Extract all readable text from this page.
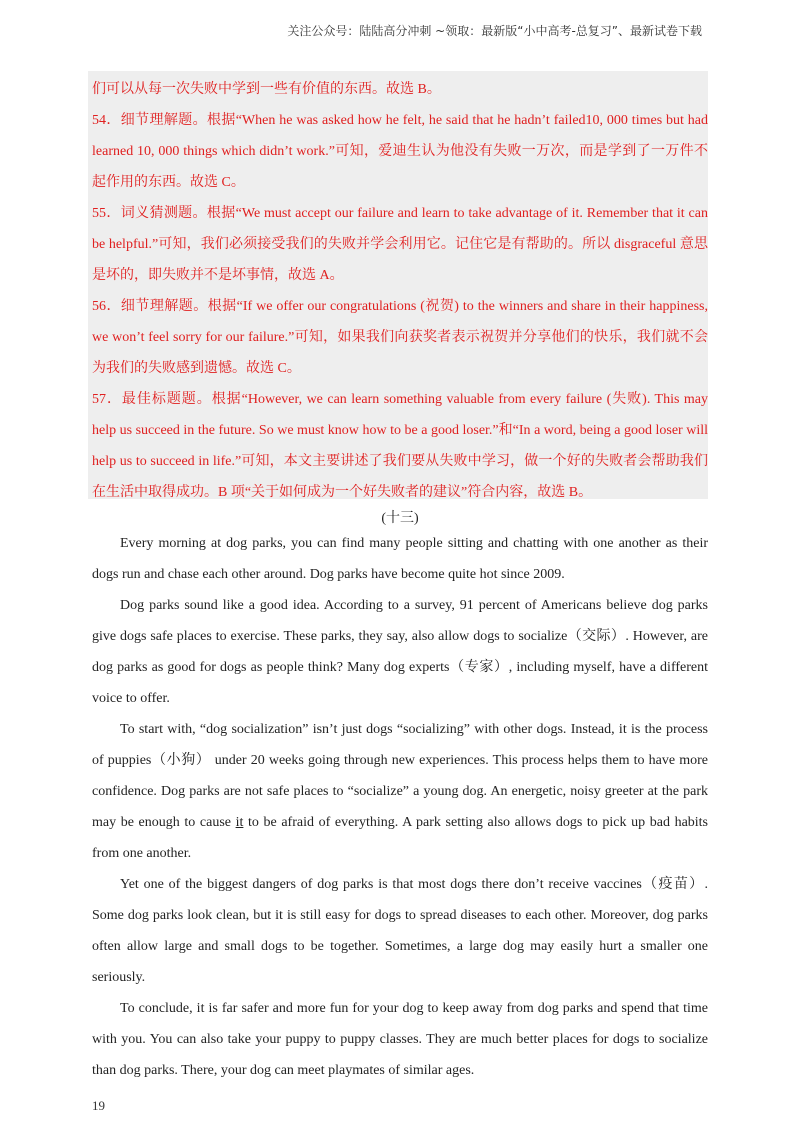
关注公众号：陆陆高分冲刺 ~领取：最新版“小中高考-总复习”、最新试卷下载

们可以从每一次失败中学到一些有价值的东西。故选 B。

54．细节理解题。根据“When he was asked how he felt, he said that he hadn’t failed10, 000 times but had learned 10, 000 things which didn’t work.”可知，爱迪生认为他没有失败一万次，而是学到了一万件不起作用的东西。故选 C。

55．词义猜测题。根据“We must accept our failure and learn to take advantage of it. Remember that it can be helpful.”可知，我们必须接受我们的失败并学会利用它。记住它是有帮助的。所以 disgraceful 意思是坏的，即失败并不是坏事情，故选 A。

56．细节理解题。根据“If we offer our congratulations (祝贺) to the winners and share in their happiness, we won’t feel sorry for our failure.”可知，如果我们向获奖者表示祝贺并分享他们的快乐，我们就不会为我们的失败感到遗憾。故选 C。

57．最佳标题题。根据“However, we can learn something valuable from every failure (失败). This may help us succeed in the future. So we must know how to be a good loser.”和“In a word, being a good loser will help us to succeed in life.”可知，本文主要讲述了我们要从失败中学习，做一个好的失败者会帮助我们在生活中取得成功。B 项“关于如何成为一个好失败者的建议”符合内容，故选 B。

(十三)

Every morning at dog parks, you can find many people sitting and chatting with one another as their dogs run and chase each other around. Dog parks have become quite hot since 2009.

Dog parks sound like a good idea. According to a survey, 91 percent of Americans believe dog parks give dogs safe places to exercise. These parks, they say, also allow dogs to socialize（交际）. However, are dog parks as good for dogs as people think? Many dog experts（专家）, including myself, have a different voice to offer.

To start with, “dog socialization” isn’t just dogs “socializing” with other dogs. Instead, it is the process of puppies（小狗） under 20 weeks going through new experiences. This process helps them to have more confidence. Dog parks are not safe places to “socialize” a young dog. An energetic, noisy greeter at the park may be enough to cause it to be afraid of everything. A park setting also allows dogs to pick up bad habits from one another.

Yet one of the biggest dangers of dog parks is that most dogs there don’t receive vaccines（疫苗）. Some dog parks look clean, but it is still easy for dogs to spread diseases to each other. Moreover, dog parks often allow large and small dogs to be together. Sometimes, a large dog may easily hurt a smaller one seriously.

To conclude, it is far safer and more fun for your dog to keep away from dog parks and spend that time with you. You can also take your puppy to puppy classes. They are much better places for dogs to socialize than dog parks. There, your dog can meet playmates of similar ages.

19
